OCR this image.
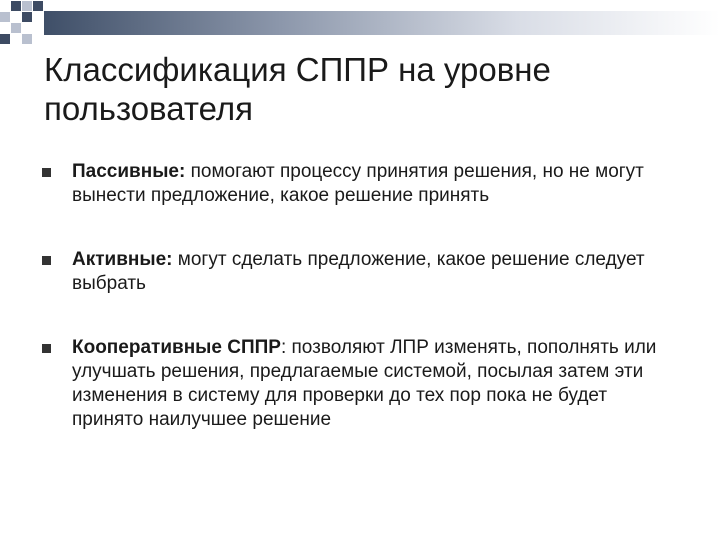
Классификация СППР на уровне
пользователя
Пассивные: помогают процессу принятия решения, но не могут вынести предложение, какое решение принять
Активные: могут сделать предложение, какое решение следует выбрать
Кооперативные СППР: позволяют ЛПР изменять, пополнять или улучшать решения, предлагаемые системой, посылая затем эти изменения в систему для проверки до тех пор пока не будет принято наилучшее решение
